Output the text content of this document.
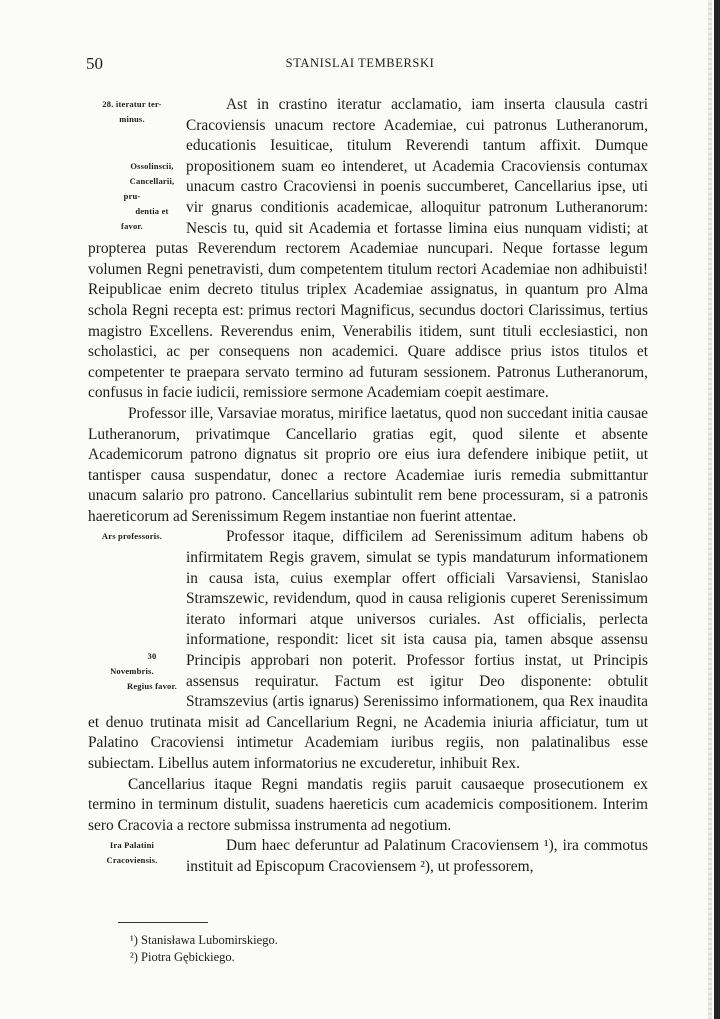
50	STANISLAI TEMBERSKI
28. iteratur ter-
minus.

Ossolinscii,
Cancellarii, pru-
dentia et favor.
Ast in crastino iteratur acclamatio, iam inserta clausula castri Cracoviensis unacum rectore Academiae, cui patronus Lutheranorum, educationis Iesuiticae, titulum Reverendi tantum affixit. Dumque propositionem suam eo intenderet, ut Academia Cracoviensis contumax unacum castro Cracoviensi in poenis succumberet, Cancellarius ipse, uti vir gnarus conditionis academicae, alloquitur patronum Lutheranorum: Nescis tu, quid sit Academia et fortasse limina eius nunquam vidisti; at propterea putas Reverendum rectorem Academiae nuncupari. Neque fortasse legum volumen Regni penetravisti, dum competentem titulum rectori Academiae non adhibuisti! Reipublicae enim decreto titulus triplex Academiae assignatus, in quantum pro Alma schola Regni recepta est: primus rectori Magnificus, secundus doctori Clarissimus, tertius magistro Excellens. Reverendus enim, Venerabilis itidem, sunt tituli ecclesiastici, non scholastici, ac per consequens non academici. Quare addisce prius istos titulos et competenter te praepara servato termino ad futuram sessionem. Patronus Lutheranorum, confusus in facie iudicii, remissiore sermone Academiam coepit aestimare.

Professor ille, Varsaviae moratus, mirifice laetatus, quod non succedant initia causae Lutheranorum, privatimque Cancellario gratias egit, quod silente et absente Academicorum patrono dignatus sit proprio ore eius iura defendere inibique petiit, ut tantisper causa suspendatur, donec a rectore Academiae iuris remedia submittantur unacum salario pro patrono. Cancellarius subintulit rem bene processuram, si a patronis haereticorum ad Serenissimum Regem instantiae non fuerint attentae.

Ars professoris.

30 Novembris.
Regius favor.
Professor itaque, difficilem ad Serenissimum aditum habens ob infirmitatem Regis gravem, simulat se typis mandaturum informationem in causa ista, cuius exemplar offert officiali Varsaviensi, Stanislao Stramszewic, revidendum, quod in causa religionis cuperet Serenissimum iterato informari atque universos curiales. Ast officialis, perlecta informatione, respondit: licet sit ista causa pia, tamen absque assensu Principis approbari non poterit. Professor fortius instat, ut Principis assensus requiratur. Factum est igitur Deo disponente: obtulit Stramszevius (artis ignarus) Serenissimo informationem, qua Rex inaudita et denuo trutinata misit ad Cancellarium Regni, ne Academia iniuria afficiatur, tum ut Palatino Cracoviensi intimetur Academiam iuribus regiis, non palatinalibus esse subiectam. Libellus autem informatorius ne excuderetur, inhibuit Rex.

Cancellarius itaque Regni mandatis regiis paruit causaeque prosecutionem ex termino in terminum distulit, suadens haereticis cum academicis compositionem. Interim sero Cracovia a rectore submissa instrumenta ad negotium.

Ira Palatini
Cracoviensis.

Dum haec deferuntur ad Palatinum Cracoviensem ¹), ira commotus instituit ad Episcopum Cracoviensem ²), ut professorem,

¹) Stanisława Lubomirskiego.
²) Piotra Gębickiego.
